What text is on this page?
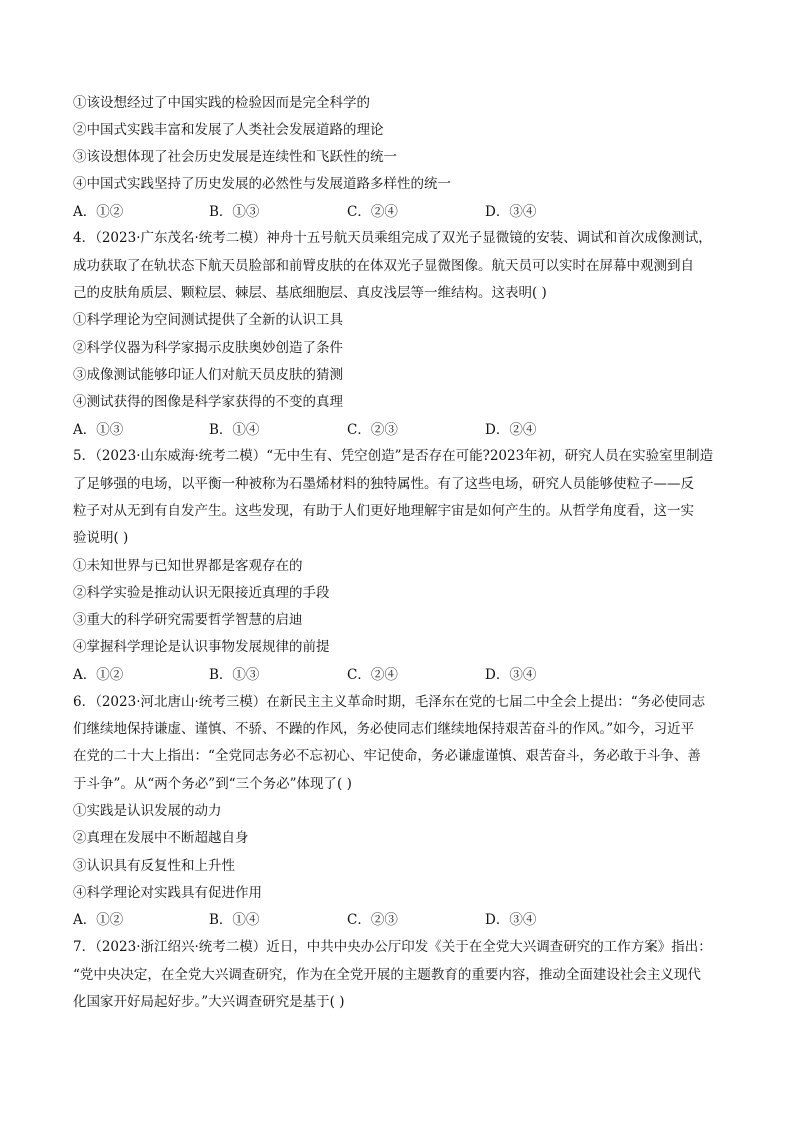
①该设想经过了中国实践的检验因而是完全科学的
②中国式实践丰富和发展了人类社会发展道路的理论
③该设想体现了社会历史发展是连续性和飞跃性的统一
④中国式实践坚持了历史发展的必然性与发展道路多样性的统一
A．①②	B．①③	C．②④	D．③④
4．（2023·广东茂名·统考二模）神舟十五号航天员乘组完成了双光子显微镜的安装、调试和首次成像测试，
成功获取了在轨状态下航天员脸部和前臂皮肤的在体双光子显微图像。航天员可以实时在屏幕中观测到自
己的皮肤角质层、颗粒层、棘层、基底细胞层、真皮浅层等一维结构。这表明( )
①科学理论为空间测试提供了全新的认识工具
②科学仪器为科学家揭示皮肤奥妙创造了条件
③成像测试能够印证人们对航天员皮肤的猜测
④测试获得的图像是科学家获得的不变的真理
A．①③	B．①④	C．②③	D．②④
5．（2023·山东威海·统考二模）“无中生有、凭空创造”是否存在可能?2023年初，研究人员在实验室里制造
了足够强的电场，以平衡一种被称为石墨烯材料的独特属性。有了这些电场，研究人员能够使粒子——反
粒子对从无到有自发产生。这些发现，有助于人们更好地理解宇宙是如何产生的。从哲学角度看，这一实
验说明( )
①未知世界与已知世界都是客观存在的
②科学实验是推动认识无限接近真理的手段
③重大的科学研究需要哲学智慧的启迪
④掌握科学理论是认识事物发展规律的前提
A．①②	B．①③	C．②④	D．③④
6．（2023·河北唐山·统考三模）在新民主主义革命时期，毛泽东在党的七届二中全会上提出：“务必使同志
们继续地保持谦虚、谨慎、不骄、不躁的作风，务必使同志们继续地保持艰苦奋斗的作风。”如今，习近平
在党的二十大上指出：“全党同志务必不忘初心、牢记使命，务必谦虚谨慎、艰苦奋斗，务必敢于斗争、善
于斗争”。从“两个务必”到“三个务必”体现了( )
①实践是认识发展的动力
②真理在发展中不断超越自身
③认识具有反复性和上升性
④科学理论对实践具有促进作用
A．①②	B．①④	C．②③	D．③④
7．（2023·浙江绍兴·统考二模）近日，中共中央办公厅印发《关于在全党大兴调查研究的工作方案》指出：
“党中央决定，在全党大兴调查研究，作为在全党开展的主题教育的重要内容，推动全面建设社会主义现代
化国家开好局起好步。”大兴调查研究是基于( )
